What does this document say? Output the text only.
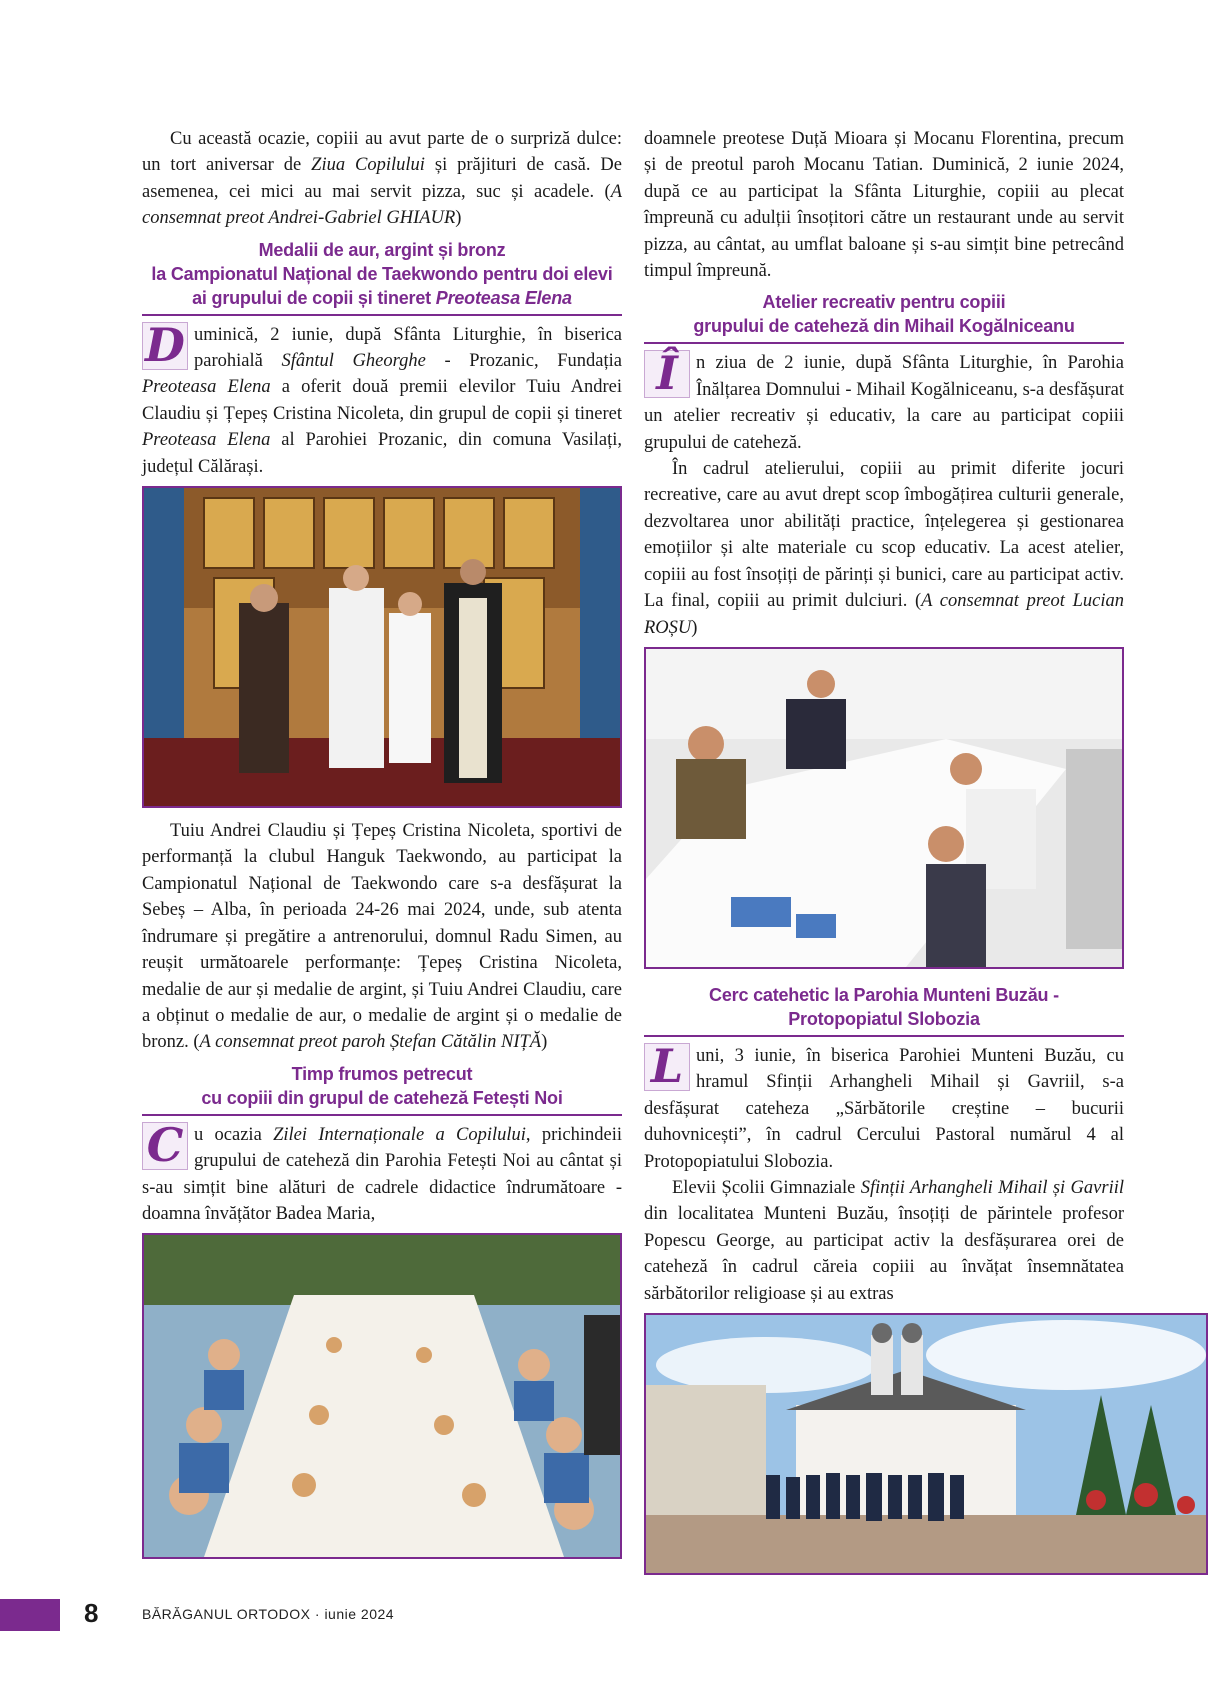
Cu această ocazie, copiii au avut parte de o surpriză dulce: un tort aniversar de Ziua Copilului și prăjituri de casă. De asemenea, cei mici au mai servit pizza, suc și acadele. (A consemnat preot Andrei-Gabriel GHIAUR)

Medalii de aur, argint și bronz
la Campionatul Național de Taekwondo pentru doi elevi
ai grupului de copii și tineret Preoteasa Elena

D uminică, 2 iunie, după Sfânta Liturghie, în biserica parohială Sfântul Gheorghe - Prozanic, Fundația Preoteasa Elena a oferit două premii elevilor Tuiu Andrei Claudiu și Țepeș Cristina Nicoleta, din grupul de copii și tineret Preoteasa Elena al Parohiei Prozanic, din comuna Vasilați, județul Călărași.

Tuiu Andrei Claudiu și Țepeș Cristina Nicoleta, sportivi de performanță la clubul Hanguk Taekwondo, au participat la Campionatul Național de Taekwondo care s-a desfășurat la Sebeș – Alba, în perioada 24-26 mai 2024, unde, sub atenta îndrumare și pregătire a antrenorului, domnul Radu Simen, au reușit următoarele performanțe: Țepeș Cristina Nicoleta, medalie de aur și medalie de argint, și Tuiu Andrei Claudiu, care a obținut o medalie de aur, o medalie de argint și o medalie de bronz. (A consemnat preot paroh Ștefan Cătălin NIȚĂ)

Timp frumos petrecut
cu copiii din grupul de cateheză Fetești Noi

C u ocazia Zilei Internaționale a Copilului, prichindeii grupului de cateheză din Parohia Fetești Noi au cântat și s-au simțit bine alături de cadrele didactice îndrumătoare - doamna învățător Badea Maria,

doamnele preotese Duță Mioara și Mocanu Florentina, precum și de preotul paroh Mocanu Tatian. Duminică, 2 iunie 2024, după ce au participat la Sfânta Liturghie, copiii au plecat împreună cu adulții însoțitori către un restaurant unde au servit pizza, au cântat, au umflat baloane și s-au simțit bine petrecând timpul împreună.

Atelier recreativ pentru copiii
grupului de cateheză din Mihail Kogălniceanu

Î n ziua de 2 iunie, după Sfânta Liturghie, în Parohia Înălțarea Domnului - Mihail Kogălniceanu, s-a desfășurat un atelier recreativ și educativ, la care au participat copiii grupului de cateheză.

În cadrul atelierului, copiii au primit diferite jocuri recreative, care au avut drept scop îmbogățirea culturii generale, dezvoltarea unor abilități practice, înțelegerea și gestionarea emoțiilor și alte materiale cu scop educativ. La acest atelier, copiii au fost însoțiți de părinți și bunici, care au participat activ. La final, copiii au primit dulciuri. (A consemnat preot Lucian ROȘU)

Cerc catehetic la Parohia Munteni Buzău -
Protopopiatul Slobozia

L uni, 3 iunie, în biserica Parohiei Munteni Buzău, cu hramul Sfinții Arhangheli Mihail și Gavriil, s-a desfășurat cateheza „Sărbătorile creștine – bucurii duhovnicești”, în cadrul Cercului Pastoral numărul 4 al Protopopiatului Slobozia.

Elevii Școlii Gimnaziale Sfinții Arhangheli Mihail și Gavriil din localitatea Munteni Buzău, însoțiți de părintele profesor Popescu George, au participat activ la desfășurarea orei de cateheză în cadrul căreia copiii au învățat însemnătatea sărbătorilor religioase și au extras

8	BĂRĂGANUL ORTODOX · iunie 2024
